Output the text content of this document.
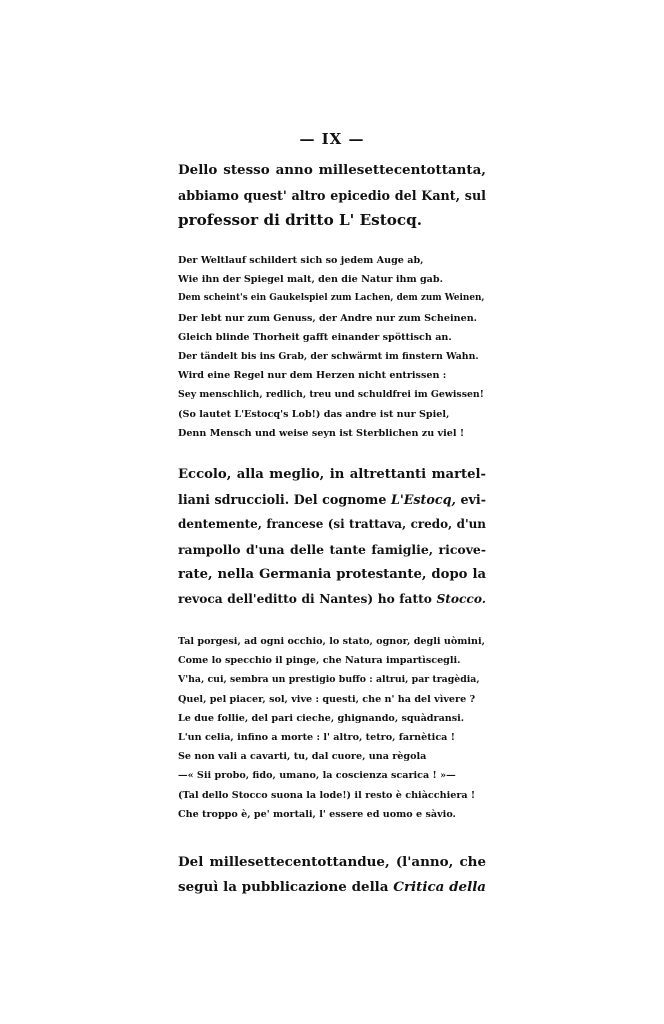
— IX —
Dello stesso anno millesettecentottanta,
abbiamo quest' altro epicedio del Kant, sul
professor di dritto L' Estocq.
Der Weltlauf schildert sich so jedem Auge ab,
Wie ihn der Spiegel malt, den die Natur ihm gab.
Dem scheint's ein Gaukelspiel zum Lachen, dem zum Weinen,
Der lebt nur zum Genuss, der Andre nur zum Scheinen.
Gleich blinde Thorheit gafft einander spöttisch an.
Der tändelt bis ins Grab, der schwärmt im finstern Wahn.
Wird eine Regel nur dem Herzen nicht entrissen :
Sey menschlich, redlich, treu und schuldfrei im Gewissen!
(So lautet L'Estocq's Lob!) das andre ist nur Spiel,
Denn Mensch und weise seyn ist Sterblichen zu viel !
Eccolo, alla meglio, in altrettanti martel-
liani sdruccioli. Del cognome L'Estocq, evi-
dentemente, francese (si trattava, credo, d'un
rampollo d'una delle tante famiglie, ricove-
rate, nella Germania protestante, dopo la
revoca dell'editto di Nantes) ho fatto Stocco.
Tal porgesi, ad ogni occhio, lo stato, ognor, degli uòmini,
Come lo specchio il pinge, che Natura impartìscegli.
V'ha, cui, sembra un prestigio buffo : altrui, par tragèdia,
Quel, pel piacer, sol, vive : questi, che n' ha del vìvere ?
Le due follie, del pari cieche, ghignando, squàdransi.
L'un celia, infino a morte : l' altro, tetro, farnètica !
Se non vali a cavarti, tu, dal cuore, una règola
—« Sii probo, fido, umano, la coscienza scarica ! »—
(Tal dello Stocco suona la lode!) il resto è chiàcchiera !
Che troppo è, pe' mortali, l' essere ed uomo e sàvio.
Del millesettecentottandue, (l'anno, che
seguì la pubblicazione della Critica della
